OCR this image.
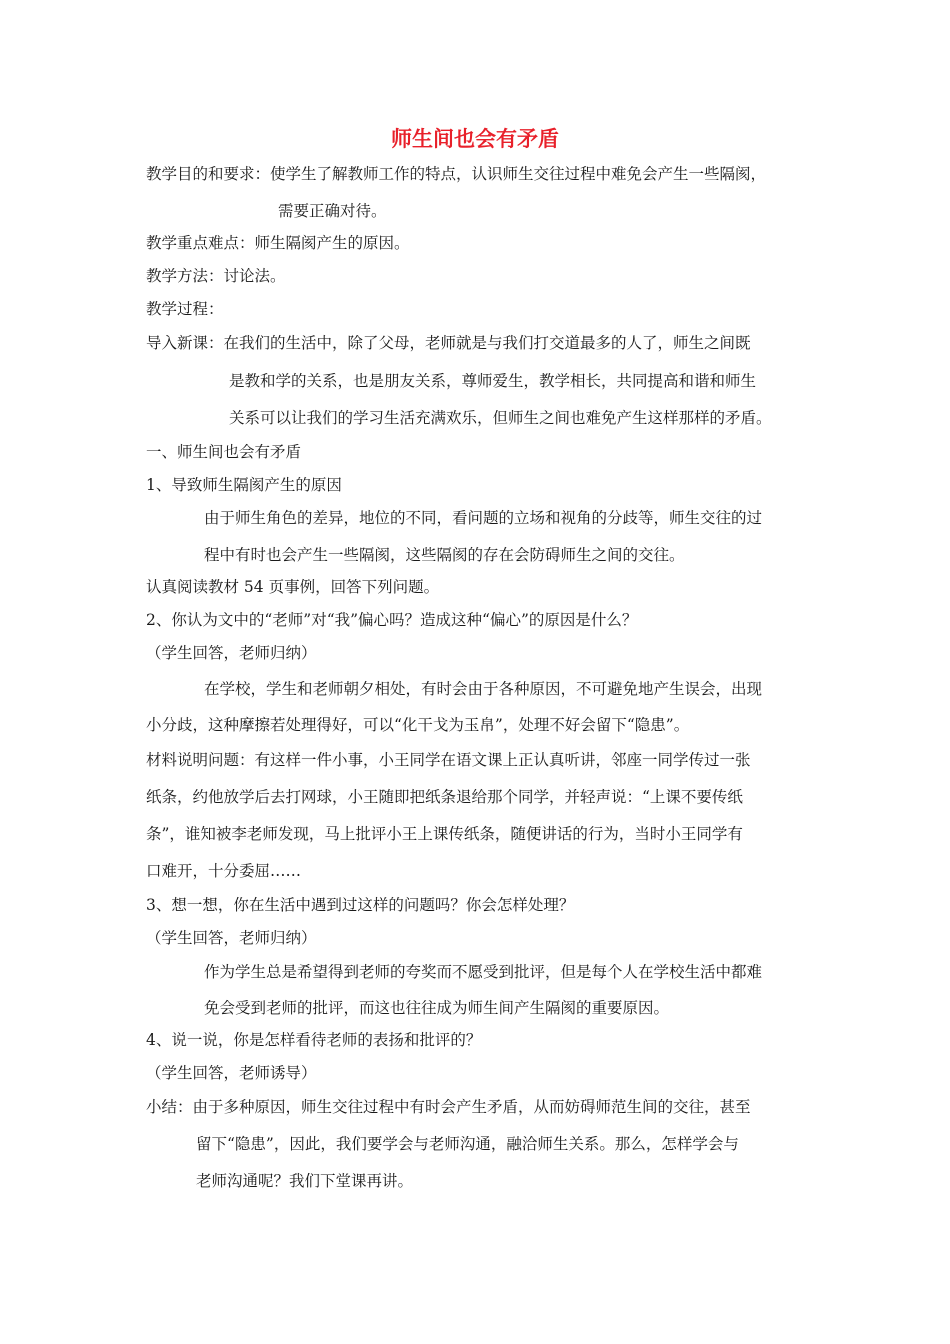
师生间也会有矛盾
教学目的和要求：使学生了解教师工作的特点，认识师生交往过程中难免会产生一些隔阂，
需要正确对待。
教学重点难点：师生隔阂产生的原因。
教学方法：讨论法。
教学过程：
导入新课：在我们的生活中，除了父母，老师就是与我们打交道最多的人了，师生之间既
是教和学的关系，也是朋友关系，尊师爱生，教学相长，共同提高和谐和师生
关系可以让我们的学习生活充满欢乐，但师生之间也难免产生这样那样的矛盾。
一、师生间也会有矛盾
1、导致师生隔阂产生的原因
由于师生角色的差异，地位的不同，看问题的立场和视角的分歧等，师生交往的过
程中有时也会产生一些隔阂，这些隔阂的存在会防碍师生之间的交往。
认真阅读教材 54 页事例，回答下列问题。
2、你认为文中的“老师”对“我”偏心吗？造成这种“偏心”的原因是什么？
（学生回答，老师归纳）
在学校，学生和老师朝夕相处，有时会由于各种原因，不可避免地产生误会，出现
小分歧，这种摩擦若处理得好，可以“化干戈为玉帛”，处理不好会留下“隐患”。
材料说明问题：有这样一件小事，小王同学在语文课上正认真听讲，邻座一同学传过一张
纸条，约他放学后去打网球，小王随即把纸条退给那个同学，并轻声说：“上课不要传纸
条”，谁知被李老师发现，马上批评小王上课传纸条，随便讲话的行为，当时小王同学有
口难开，十分委屈……
3、想一想，你在生活中遇到过这样的问题吗？你会怎样处理？
（学生回答，老师归纳）
作为学生总是希望得到老师的夸奖而不愿受到批评，但是每个人在学校生活中都难
免会受到老师的批评，而这也往往成为师生间产生隔阂的重要原因。
4、说一说，你是怎样看待老师的表扬和批评的？
（学生回答，老师诱导）
小结：由于多种原因，师生交往过程中有时会产生矛盾，从而妨碍师范生间的交往，甚至
留下“隐患”，因此，我们要学会与老师沟通，融洽师生关系。那么，怎样学会与
老师沟通呢？我们下堂课再讲。
